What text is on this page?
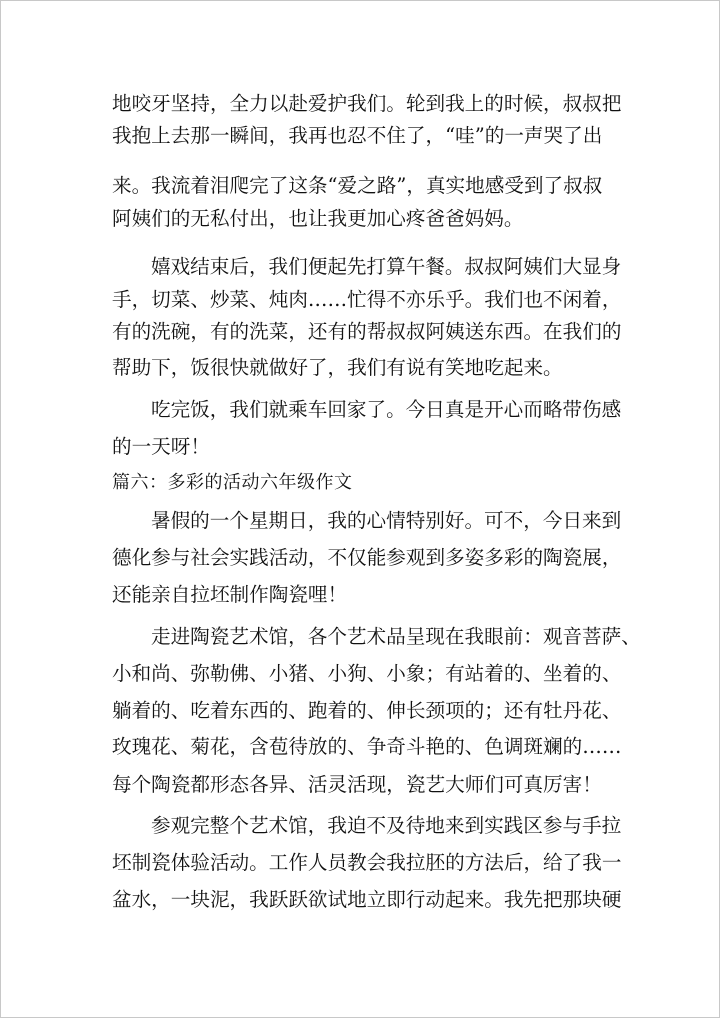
地咬牙坚持，全力以赴爱护我们。轮到我上的时候，叔叔把
我抱上去那一瞬间，我再也忍不住了，“哇”的一声哭了出
来。我流着泪爬完了这条“爱之路”，真实地感受到了叔叔
阿姨们的无私付出，也让我更加心疼爸爸妈妈。
嬉戏结束后，我们便起先打算午餐。叔叔阿姨们大显身
手，切菜、炒菜、炖肉……忙得不亦乐乎。我们也不闲着，
有的洗碗，有的洗菜，还有的帮叔叔阿姨送东西。在我们的
帮助下，饭很快就做好了，我们有说有笑地吃起来。
吃完饭，我们就乘车回家了。今日真是开心而略带伤感
的一天呀！
篇六：多彩的活动六年级作文
暑假的一个星期日，我的心情特别好。可不，今日来到
德化参与社会实践活动，不仅能参观到多姿多彩的陶瓷展，
还能亲自拉坯制作陶瓷哩！
走进陶瓷艺术馆，各个艺术品呈现在我眼前：观音菩萨、
小和尚、弥勒佛、小猪、小狗、小象；有站着的、坐着的、
躺着的、吃着东西的、跑着的、伸长颈项的；还有牡丹花、
玫瑰花、菊花，含苞待放的、争奇斗艳的、色调斑斓的……
每个陶瓷都形态各异、活灵活现，瓷艺大师们可真厉害！
参观完整个艺术馆，我迫不及待地来到实践区参与手拉
坯制瓷体验活动。工作人员教会我拉胚的方法后，给了我一
盆水，一块泥，我跃跃欲试地立即行动起来。我先把那块硬
